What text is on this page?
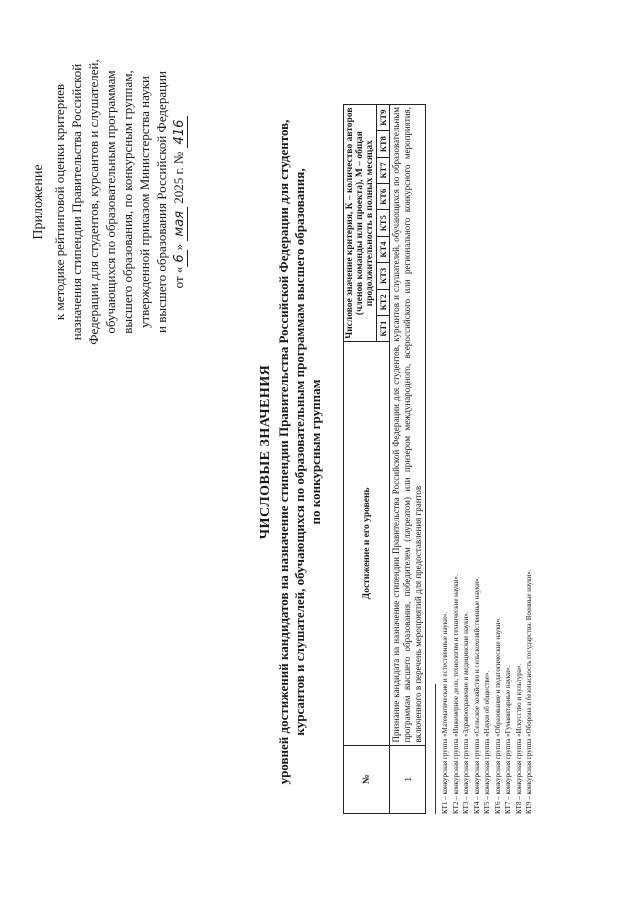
Приложение к методике рейтинговой оценки критериев назначения стипендии Правительства Российской Федерации для студентов, курсантов и слушателей, обучающихся по образовательным программам высшего образования, по конкурсным группам, утвержденной приказом Министерства науки и высшего образования Российской Федерации от «6» мая 2025 г. № 416
ЧИСЛОВЫЕ ЗНАЧЕНИЯ уровней достижений кандидатов на назначение стипендии Правительства Российской Федерации для студентов, курсантов и слушателей, обучающихся по образовательным программам высшего образования, по конкурсным группам
№	Достижение и его уровень	Числовое значение критерия, К – количество авторов (членов команды или проекта), М – общая продолжительность в полных месяцах								
		КТ1	КТ2	КТ3	КТ4	КТ5	КТ6	КТ7	КТ8	КТ9
1	Признание кандидата на назначение стипендии Правительства Российской Федерации для студентов, курсантов и слушателей, обучающихся по образовательным программам высшего образования, победителем (лауреатом) или призером международного, всероссийского или регионального конкурсного мероприятия, включенного в перечень мероприятий для предоставления грантов										КТ1 – конкурсная группа «Математические и естественные науки». КТ2 – конкурсная группа «Инженерное дело, технологии и технические науки». КТ3 – конкурсная группа «Здравоохранение и медицинские науки». КТ4 – конкурсная группа «Сельское хозяйство и сельскохозяйственные науки». КТ5 – конкурсная группа «Науки об обществе». КТ6 – конкурсная группа «Образование и педагогические науки». КТ7 – конкурсная группа «Гуманитарные науки». КТ8 – конкурсная группа «Искусство и культура». КТ9 – конкурсная группа «Оборона и безопасность государства. Военные науки».
